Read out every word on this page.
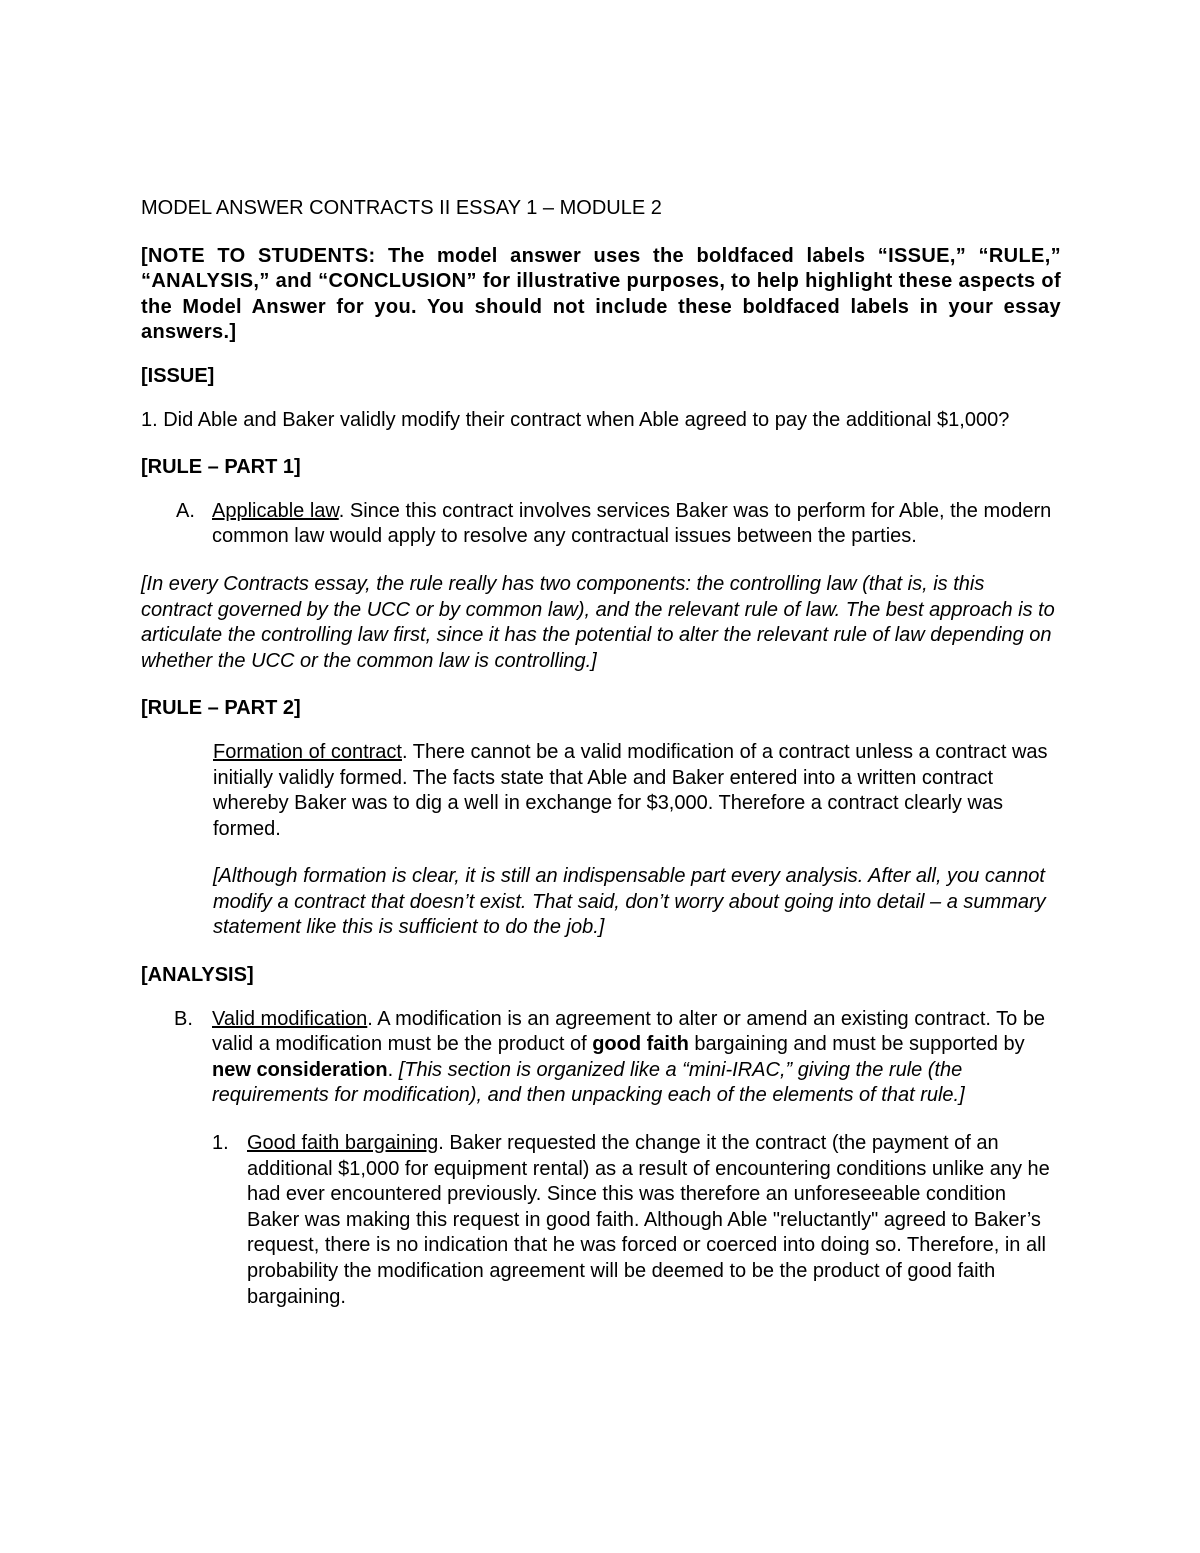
MODEL ANSWER CONTRACTS II ESSAY 1 – MODULE 2

[NOTE TO STUDENTS: The model answer uses the boldfaced labels “ISSUE,” “RULE,” “ANALYSIS,” and “CONCLUSION” for illustrative purposes, to help highlight these aspects of the Model Answer for you. You should not include these boldfaced labels in your essay answers.]

[ISSUE]

1. Did Able and Baker validly modify their contract when Able agreed to pay the additional $1,000?

[RULE – PART 1]

A. Applicable law. Since this contract involves services Baker was to perform for Able, the modern common law would apply to resolve any contractual issues between the parties.

[In every Contracts essay, the rule really has two components: the controlling law (that is, is this contract governed by the UCC or by common law), and the relevant rule of law. The best approach is to articulate the controlling law first, since it has the potential to alter the relevant rule of law depending on whether the UCC or the common law is controlling.]

[RULE – PART 2]

Formation of contract. There cannot be a valid modification of a contract unless a contract was initially validly formed. The facts state that Able and Baker entered into a written contract whereby Baker was to dig a well in exchange for $3,000. Therefore a contract clearly was formed.

[Although formation is clear, it is still an indispensable part every analysis. After all, you cannot modify a contract that doesn’t exist. That said, don’t worry about going into detail – a summary statement like this is sufficient to do the job.]

[ANALYSIS]

B. Valid modification. A modification is an agreement to alter or amend an existing contract. To be valid a modification must be the product of good faith bargaining and must be supported by new consideration. [This section is organized like a “mini-IRAC,” giving the rule (the requirements for modification), and then unpacking each of the elements of that rule.]

1. Good faith bargaining. Baker requested the change it the contract (the payment of an additional $1,000 for equipment rental) as a result of encountering conditions unlike any he had ever encountered previously. Since this was therefore an unforeseeable condition Baker was making this request in good faith. Although Able "reluctantly" agreed to Baker’s request, there is no indication that he was forced or coerced into doing so. Therefore, in all probability the modification agreement will be deemed to be the product of good faith bargaining.
